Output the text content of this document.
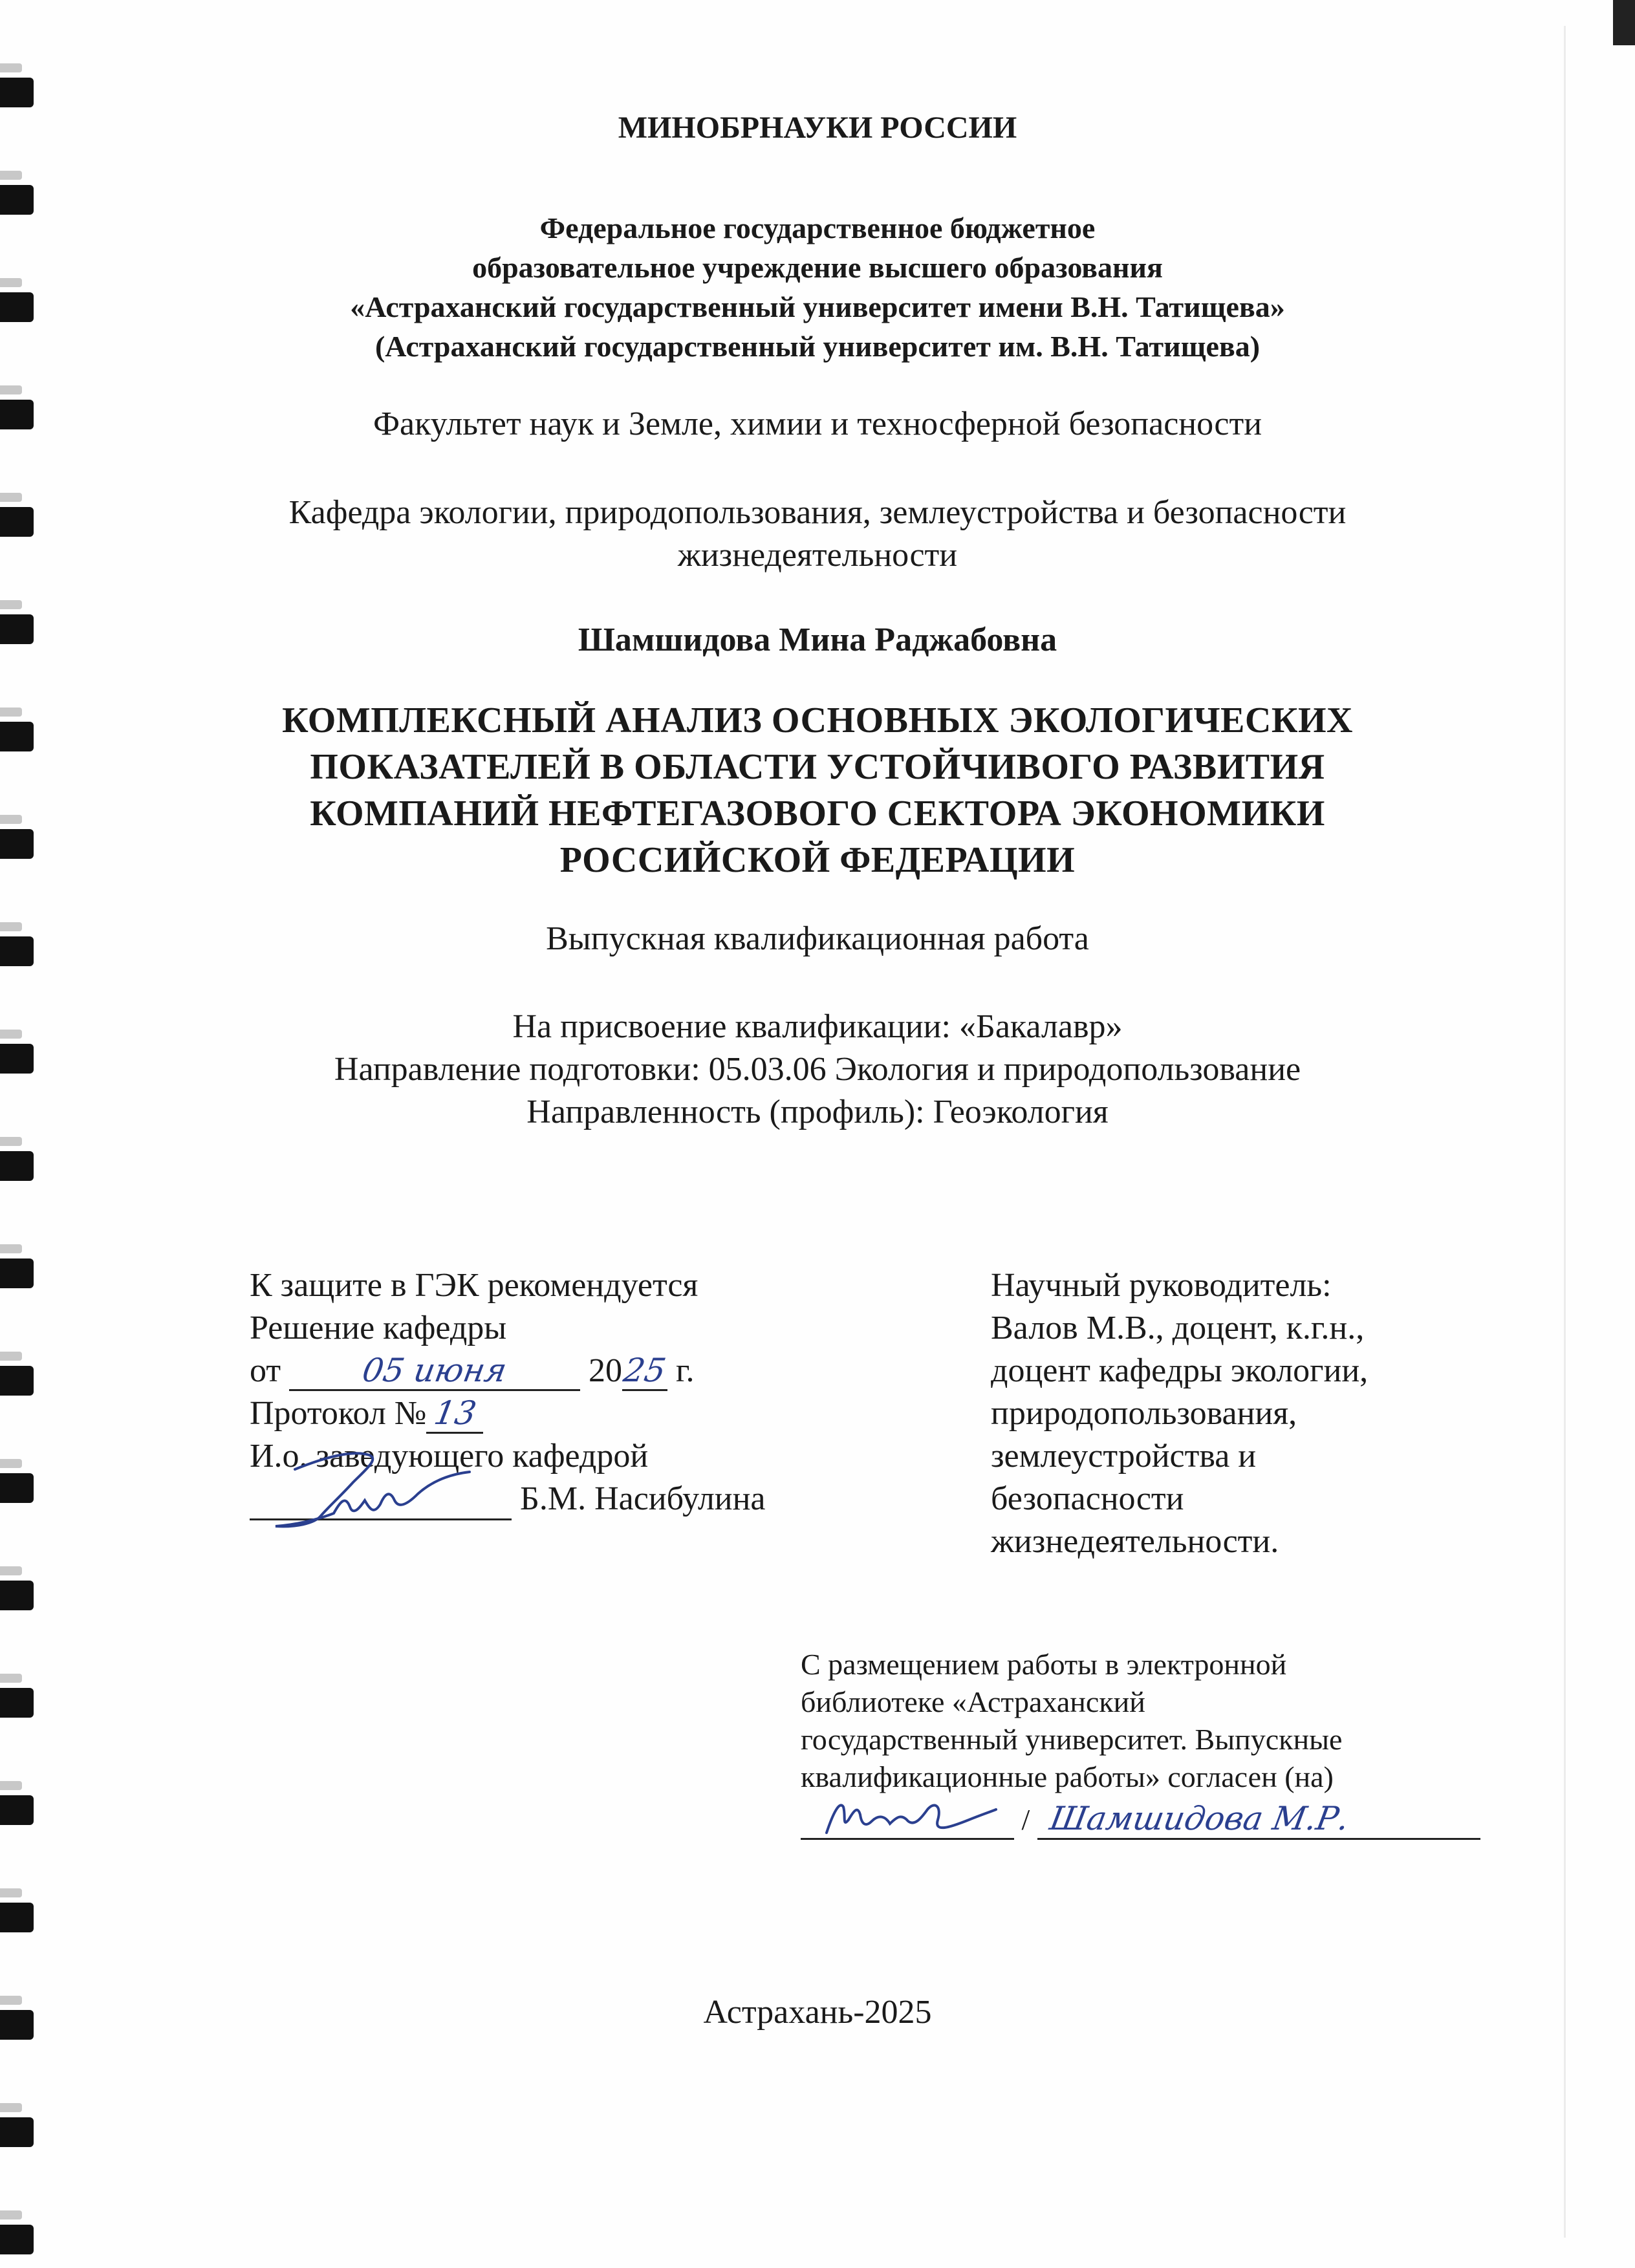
МИНОБРНАУКИ РОССИИ
Федеральное государственное бюджетное
образовательное учреждение высшего образования
«Астраханский государственный университет имени В.Н. Татищева»
(Астраханский государственный университет им. В.Н. Татищева)
Факультет наук и Земле, химии и техносферной безопасности
Кафедра экологии, природопользования, землеустройства и безопасности
жизнедеятельности
Шамшидова Мина Раджабовна
КОМПЛЕКСНЫЙ АНАЛИЗ ОСНОВНЫХ ЭКОЛОГИЧЕСКИХ
ПОКАЗАТЕЛЕЙ В ОБЛАСТИ УСТОЙЧИВОГО РАЗВИТИЯ
КОМПАНИЙ НЕФТЕГАЗОВОГО СЕКТОРА ЭКОНОМИКИ
РОССИЙСКОЙ ФЕДЕРАЦИИ
Выпускная квалификационная работа
На присвоение квалификации: «Бакалавр»
Направление подготовки: 05.03.06 Экология и природопользование
Направленность (профиль): Геоэкология
К защите в ГЭК рекомендуется
Решение кафедры
от 05 июня 2025 г.
Протокол № 13
И.о. заведующего кафедрой
Б.М. Насибулина
Научный руководитель:
Валов М.В., доцент, к.г.н.,
доцент кафедры экологии,
природопользования,
землеустройства и
безопасности
жизнедеятельности.
С размещением работы в электронной
библиотеке «Астраханский
государственный университет. Выпускные
квалификационные работы» согласен (на)
/ Шамшидова М.Р.
Астрахань-2025
